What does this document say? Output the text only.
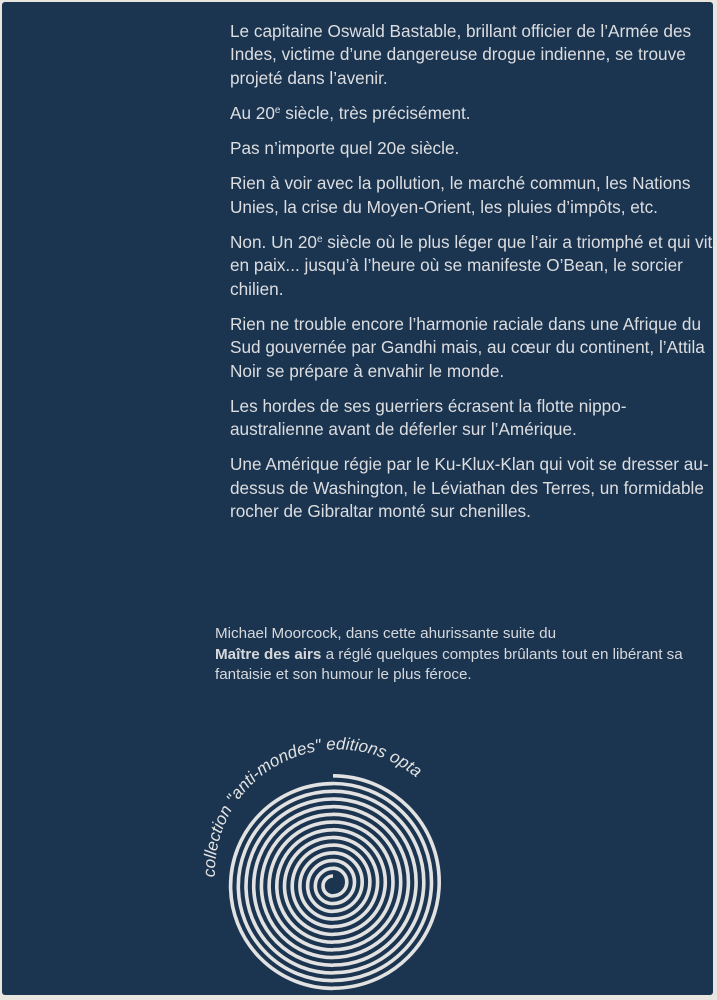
Le capitaine Oswald Bastable, brillant officier de l’Armée des Indes, victime d’une dangereuse drogue indienne, se trouve projeté dans l’avenir.

Au 20e siècle, très précisément.

Pas n’importe quel 20e siècle.

Rien à voir avec la pollution, le marché commun, les Nations Unies, la crise du Moyen-Orient, les pluies d’impôts, etc.

Non. Un 20e siècle où le plus léger que l’air a triomphé et qui vit en paix... jusqu’à l’heure où se manifeste O’Bean, le sorcier chilien.

Rien ne trouble encore l’harmonie raciale dans une Afrique du Sud gouvernée par Gandhi mais, au cœur du continent, l’Attila Noir se prépare à envahir le monde.

Les hordes de ses guerriers écrasent la flotte nippo-australienne avant de déferler sur l’Amérique.

Une Amérique régie par le Ku-Klux-Klan qui voit se dresser au-dessus de Washington, le Léviathan des Terres, un formidable rocher de Gibraltar monté sur chenilles.

Michael Moorcock, dans cette ahurissante suite du

Maître des airs a réglé quelques comptes brûlants tout en libérant sa fantaisie et son humour le plus féroce.

collection "anti-mondes" editions opta
